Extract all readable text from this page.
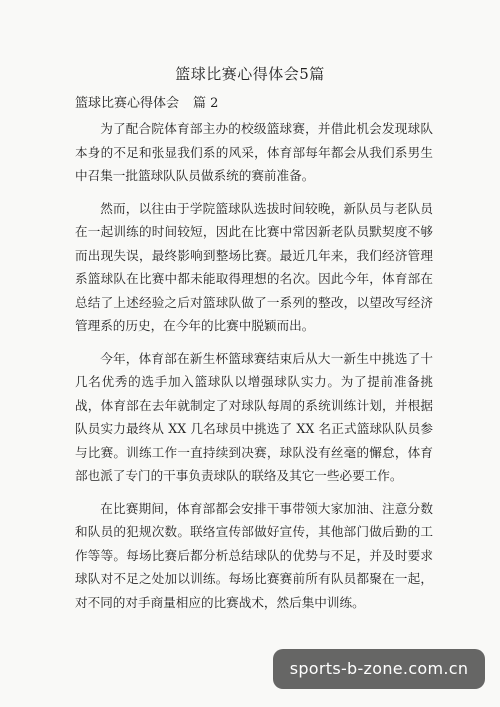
篮球比赛心得体会5篇
篮球比赛心得体会 篇 2

为了配合院体育部主办的校级篮球赛，并借此机会发现球队本身的不足和张显我们系的风采，体育部每年都会从我们系男生中召集一批篮球队队员做系统的赛前准备。

然而，以往由于学院篮球队选拔时间较晚，新队员与老队员在一起训练的时间较短，因此在比赛中常因新老队员默契度不够而出现失误，最终影响到整场比赛。最近几年来，我们经济管理系篮球队在比赛中都未能取得理想的名次。因此今年，体育部在总结了上述经验之后对篮球队做了一系列的整改，以望改写经济管理系的历史，在今年的比赛中脱颖而出。

今年，体育部在新生杯篮球赛结束后从大一新生中挑选了十几名优秀的选手加入篮球队以增强球队实力。为了提前准备挑战，体育部在去年就制定了对球队每周的系统训练计划，并根据队员实力最终从 XX 几名球员中挑选了 XX 名正式篮球队队员参与比赛。训练工作一直持续到决赛，球队没有丝毫的懈怠，体育部也派了专门的干事负责球队的联络及其它一些必要工作。

在比赛期间，体育部都会安排干事带领大家加油、注意分数和队员的犯规次数。联络宣传部做好宣传，其他部门做后勤的工作等等。每场比赛后都分析总结球队的优势与不足，并及时要求球队对不足之处加以训练。每场比赛赛前所有队员都聚在一起，对不同的对手商量相应的比赛战术，然后集中训练。

sports-b-zone.com.cn
